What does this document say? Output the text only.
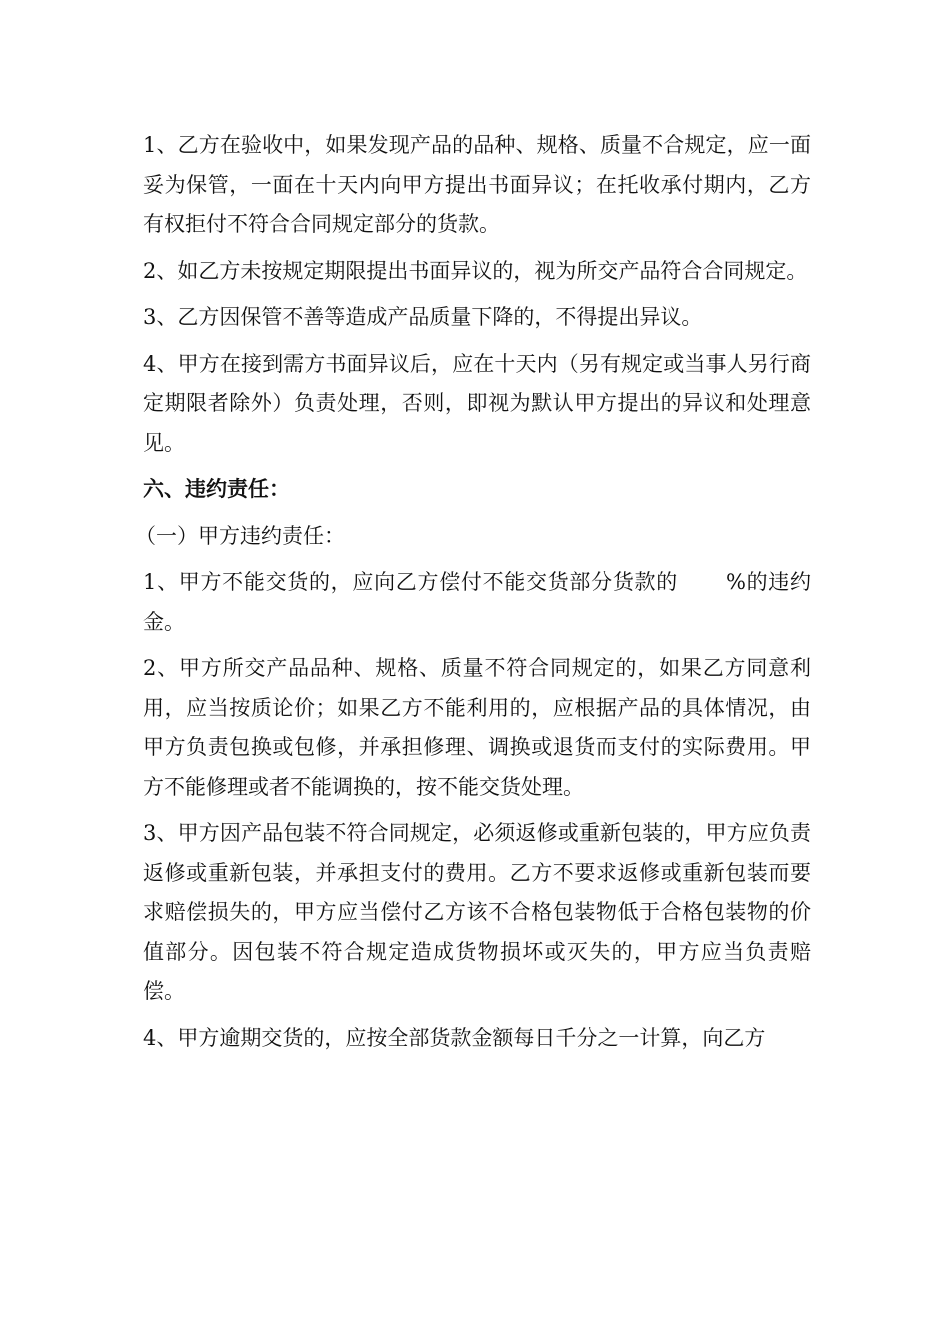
1、乙方在验收中，如果发现产品的品种、规格、质量不合规定，应一面妥为保管，一面在十天内向甲方提出书面异议；在托收承付期内，乙方有权拒付不符合合同规定部分的货款。

2、如乙方未按规定期限提出书面异议的，视为所交产品符合合同规定。

3、乙方因保管不善等造成产品质量下降的，不得提出异议。

4、甲方在接到需方书面异议后，应在十天内（另有规定或当事人另行商定期限者除外）负责处理，否则，即视为默认甲方提出的异议和处理意见。

六、违约责任：

（一）甲方违约责任：

1、甲方不能交货的，应向乙方偿付不能交货部分货款的 %的违约金。

2、甲方所交产品品种、规格、质量不符合同规定的，如果乙方同意利用，应当按质论价；如果乙方不能利用的，应根据产品的具体情况，由甲方负责包换或包修，并承担修理、调换或退货而支付的实际费用。甲方不能修理或者不能调换的，按不能交货处理。

3、甲方因产品包装不符合同规定，必须返修或重新包装的，甲方应负责返修或重新包装，并承担支付的费用。乙方不要求返修或重新包装而要求赔偿损失的，甲方应当偿付乙方该不合格包装物低于合格包装物的价值部分。因包装不符合规定造成货物损坏或灭失的，甲方应当负责赔偿。

4、甲方逾期交货的，应按全部货款金额每日千分之一计算，向乙方
